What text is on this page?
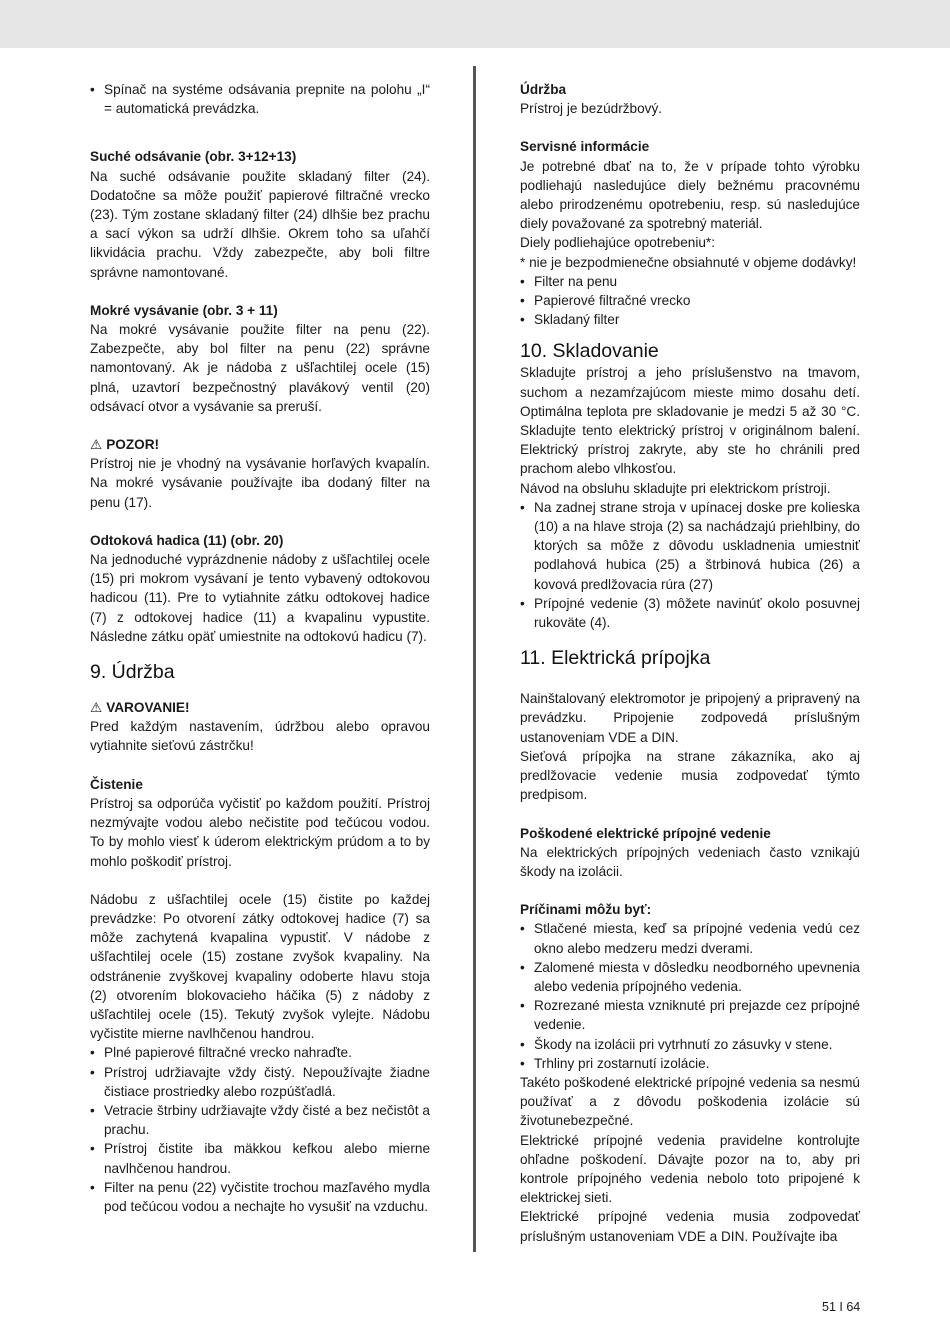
• Spínač na systéme odsávania prepnite na polohu „I“ = automatická prevádzka.

Suché odsávanie (obr. 3+12+13)

Na suché odsávanie použite skladaný filter (24). Dodatočne sa môže použiť papierové filtračné vrecko (23). Tým zostane skladaný filter (24) dlhšie bez prachu a sací výkon sa udrží dlhšie. Okrem toho sa uľahčí likvidácia prachu. Vždy zabezpečte, aby boli filtre správne namontované.

Mokré vysávanie (obr. 3 + 11)

Na mokré vysávanie použite filter na penu (22). Zabezpečte, aby bol filter na penu (22) správne namontovaný. Ak je nádoba z ušľachtilej ocele (15) plná, uzavtorí bezpečnostný plavákový ventil (20) odsávací otvor a vysávanie sa preruší.

⚠ POZOR!

Prístroj nie je vhodný na vysávanie horľavých kvapalín. Na mokré vysávanie používajte iba dodaný filter na penu (17).

Odtoková hadica (11) (obr. 20)

Na jednoduché vyprázdnenie nádoby z ušľachtilej ocele (15) pri mokrom vysávaní je tento vybavený odtokovou hadicou (11). Pre to vytiahnite zátku odtokovej hadice (7) z odtokovej hadice (11) a kvapalinu vypustite. Následne zátku opäť umiestnite na odtokovú hadicu (7).

9. Údržba

⚠ VAROVANIE!

Pred každým nastavením, údržbou alebo opravou vytiahnite sieťovú zástrčku!

Čistenie

Prístroj sa odporúča vyčistiť po každom použití. Prístroj nezmývajte vodou alebo nečistite pod tečúcou vodou. To by mohlo viesť k úderom elektrickým prúdom a to by mohlo poškodiť prístroj.

Nádobu z ušľachtilej ocele (15) čistite po každej prevádzke: Po otvorení zátky odtokovej hadice (7) sa môže zachytená kvapalina vypustiť. V nádobe z ušľachtilej ocele (15) zostane zvyšok kvapaliny. Na odstránenie zvyškovej kvapaliny odoberte hlavu stoja (2) otvorením blokovacieho háčika (5) z nádoby z ušľachtilej ocele (15). Tekutý zvyšok vylejte. Nádobu vyčistite mierne navlhčenou handrou.

• Plné papierové filtračné vrecko nahraďte.
• Prístroj udržiavajte vždy čistý. Nepoužívajte žiadne čistiace prostriedky alebo rozpúšťadlá.
• Vetracie štrbiny udržiavajte vždy čisté a bez nečistôt a prachu.
• Prístroj čistite iba mäkkou kefkou alebo mierne navlhčenou handrou.
• Filter na penu (22) vyčistite trochou mazľavého mydla pod tečúcou vodou a nechajte ho vysušiť na vzduchu.

Údržba

Prístroj je bezúdržbový.

Servisné informácie

Je potrebné dbať na to, že v prípade tohto výrobku podliehajú nasledujúce diely bežnému pracovnému alebo prirodzenému opotrebeniu, resp. sú nasledujúce diely považované za spotrebný materiál.

Diely podliehajúce opotrebeniu*:

* nie je bezpodmienečne obsiahnuté v objeme dodávky!

• Filter na penu
• Papierové filtračné vrecko
• Skladaný filter

10. Skladovanie

Skladujte prístroj a jeho príslušenstvo na tmavom, suchom a nezamŕzajúcom mieste mimo dosahu detí. Optimálna teplota pre skladovanie je medzi 5 až 30 °C. Skladujte tento elektrický prístroj v originálnom balení. Elektrický prístroj zakryte, aby ste ho chránili pred prachom alebo vlhkosťou.

Návod na obsluhu skladujte pri elektrickom prístroji.

• Na zadnej strane stroja v upínacej doske pre kolieska (10) a na hlave stroja (2) sa nachádzajú priehlbiny, do ktorých sa môže z dôvodu uskladnenia umiestniť podlahová hubica (25) a štrbinová hubica (26) a kovová predlžovacia rúra (27)
• Prípojné vedenie (3) môžete navinúť okolo posuvnej rukoväte (4).

11. Elektrická prípojka

Nainštalovaný elektromotor je pripojený a pripravený na prevádzku. Pripojenie zodpovedá príslušným ustanoveniam VDE a DIN.

Sieťová prípojka na strane zákazníka, ako aj predlžovacie vedenie musia zodpovedať týmto predpisom.

Poškodené elektrické prípojné vedenie

Na elektrických prípojných vedeniach často vznikajú škody na izolácii.

Príčinami môžu byť:

• Stlačené miesta, keď sa prípojné vedenia vedú cez okno alebo medzeru medzi dverami.
• Zalomené miesta v dôsledku neodborného upevnenia alebo vedenia prípojného vedenia.
• Rozrezané miesta vzniknuté pri prejazde cez prípojné vedenie.
• Škody na izolácii pri vytrhnutí zo zásuvky v stene.
• Trhliny pri zostarnutí izolácie.

Takéto poškodené elektrické prípojné vedenia sa nesmú používať a z dôvodu poškodenia izolácie sú životunebezpečné.

Elektrické prípojné vedenia pravidelne kontrolujte ohľadne poškodení. Dávajte pozor na to, aby pri kontrole prípojného vedenia nebolo toto pripojené k elektrickej sieti.

Elektrické prípojné vedenia musia zodpovedať príslušným ustanoveniam VDE a DIN. Používajte iba

51 I 64
